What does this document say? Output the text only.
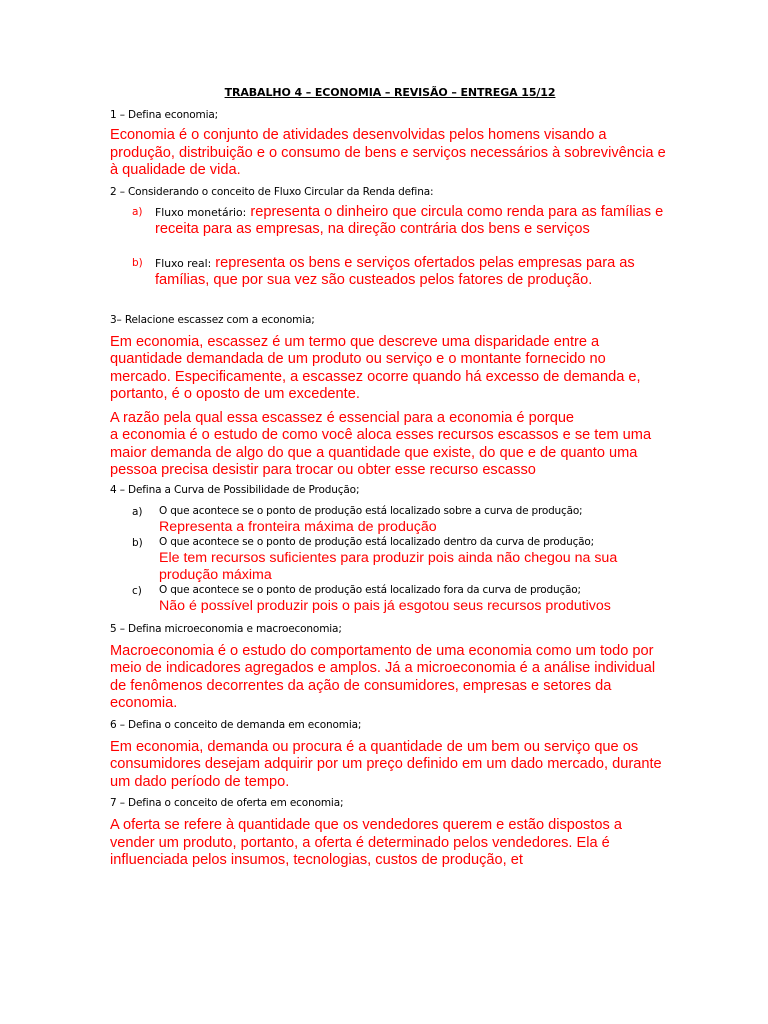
TRABALHO 4 – ECONOMIA – REVISÃO – ENTREGA 15/12
1 – Defina economia;
Economia é o conjunto de atividades desenvolvidas pelos homens visando a produção, distribuição e o consumo de bens e serviços necessários à sobrevivência e à qualidade de vida.
2 – Considerando o conceito de Fluxo Circular da Renda defina:
a)	Fluxo monetário: representa o dinheiro que circula como renda para as famílias e receita para as empresas, na direção contrária dos bens e serviços
b)	Fluxo real: representa os bens e serviços ofertados pelas empresas para as famílias, que por sua vez são custeados pelos fatores de produção.
3– Relacione escassez com a economia;
Em economia, escassez é um termo que descreve uma disparidade entre a quantidade demandada de um produto ou serviço e o montante fornecido no mercado. Especificamente, a escassez ocorre quando há excesso de demanda e, portanto, é o oposto de um excedente.
A razão pela qual essa escassez é essencial para a economia é porque
a economia é o estudo de como você aloca esses recursos escassos e se tem uma maior demanda de algo do que a quantidade que existe, do que e de quanto uma pessoa precisa desistir para trocar ou obter esse recurso escasso
4 – Defina a Curva de Possibilidade de Produção;
a)	O que acontece se o ponto de produção está localizado sobre a curva de produção;
Representa a fronteira máxima de produção
b)	O que acontece se o ponto de produção está localizado dentro da curva de produção;
Ele tem recursos suficientes para produzir pois ainda não chegou na sua produção máxima
c)	O que acontece se o ponto de produção está localizado fora da curva de produção;
Não é possível produzir pois o pais já esgotou seus recursos produtivos
5 – Defina microeconomia e macroeconomia;
Macroeconomia é o estudo do comportamento de uma economia como um todo por meio de indicadores agregados e amplos. Já a microeconomia é a análise individual de fenômenos decorrentes da ação de consumidores, empresas e setores da economia.
6 – Defina o conceito de demanda em economia;
Em economia, demanda ou procura é a quantidade de um bem ou serviço que os consumidores desejam adquirir por um preço definido em um dado mercado, durante um dado período de tempo.
7 – Defina o conceito de oferta em economia;
A oferta se refere à quantidade que os vendedores querem e estão dispostos a vender um produto, portanto, a oferta é determinado pelos vendedores. Ela é influenciada pelos insumos, tecnologias, custos de produção, et
